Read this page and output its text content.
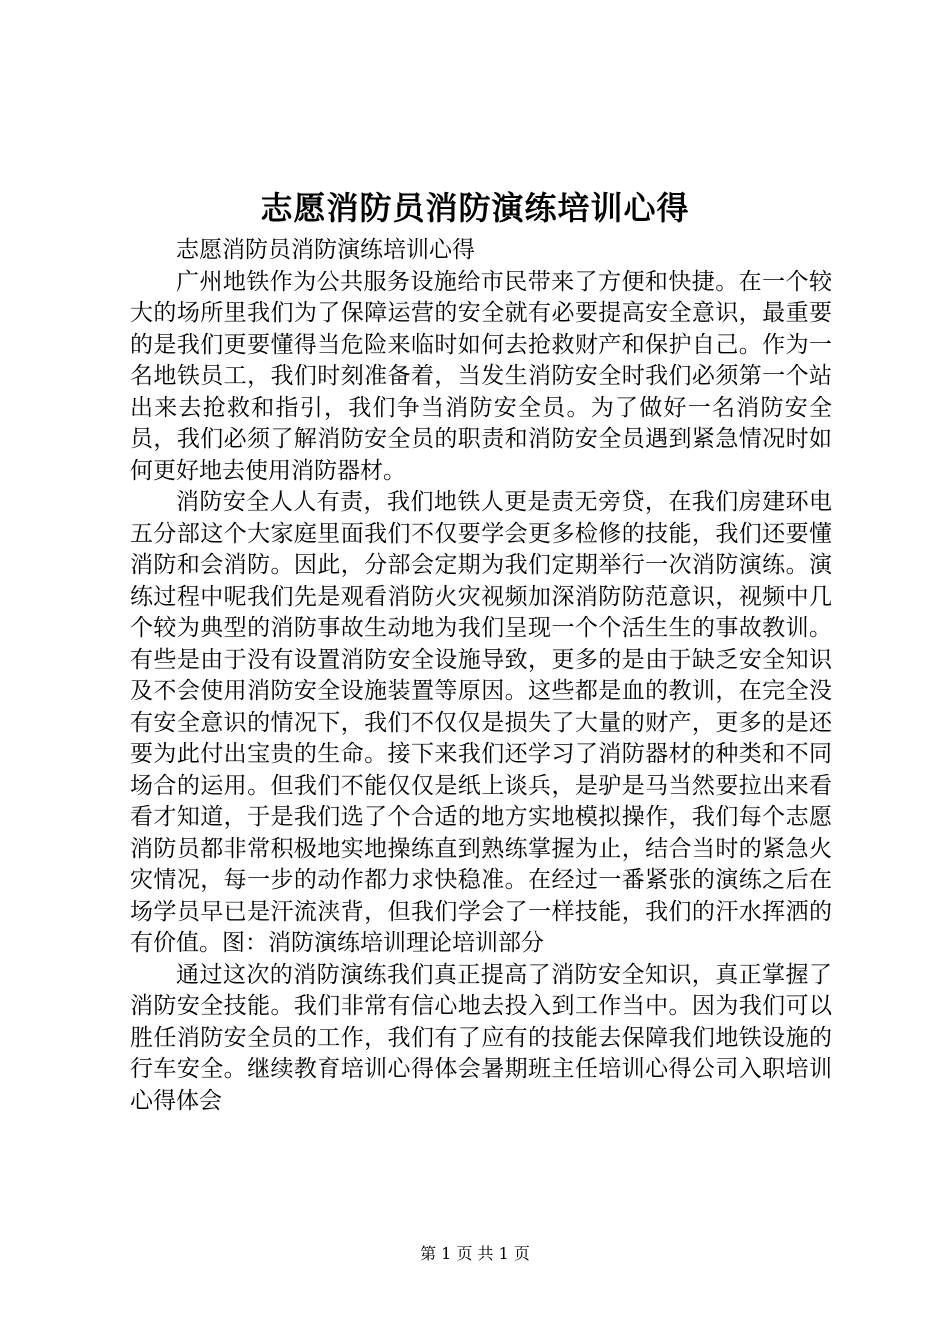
志愿消防员消防演练培训心得

志愿消防员消防演练培训心得

广州地铁作为公共服务设施给市民带来了方便和快捷。在一个较大的场所里我们为了保障运营的安全就有必要提高安全意识，最重要的是我们更要懂得当危险来临时如何去抢救财产和保护自己。作为一名地铁员工，我们时刻准备着，当发生消防安全时我们必须第一个站出来去抢救和指引，我们争当消防安全员。为了做好一名消防安全员，我们必须了解消防安全员的职责和消防安全员遇到紧急情况时如何更好地去使用消防器材。

消防安全人人有责，我们地铁人更是责无旁贷，在我们房建环电五分部这个大家庭里面我们不仅要学会更多检修的技能，我们还要懂消防和会消防。因此，分部会定期为我们定期举行一次消防演练。演练过程中呢我们先是观看消防火灾视频加深消防防范意识，视频中几个较为典型的消防事故生动地为我们呈现一个个活生生的事故教训。有些是由于没有设置消防安全设施导致，更多的是由于缺乏安全知识及不会使用消防安全设施装置等原因。这些都是血的教训，在完全没有安全意识的情况下，我们不仅仅是损失了大量的财产，更多的是还要为此付出宝贵的生命。接下来我们还学习了消防器材的种类和不同场合的运用。但我们不能仅仅是纸上谈兵，是驴是马当然要拉出来看看才知道，于是我们选了个合适的地方实地模拟操作，我们每个志愿消防员都非常积极地实地操练直到熟练掌握为止，结合当时的紧急火灾情况，每一步的动作都力求快稳准。在经过一番紧张的演练之后在场学员早已是汗流浃背，但我们学会了一样技能，我们的汗水挥洒的有价值。图：消防演练培训理论培训部分

通过这次的消防演练我们真正提高了消防安全知识，真正掌握了消防安全技能。我们非常有信心地去投入到工作当中。因为我们可以胜任消防安全员的工作，我们有了应有的技能去保障我们地铁设施的行车安全。继续教育培训心得体会暑期班主任培训心得公司入职培训心得体会

第 1 页 共 1 页
